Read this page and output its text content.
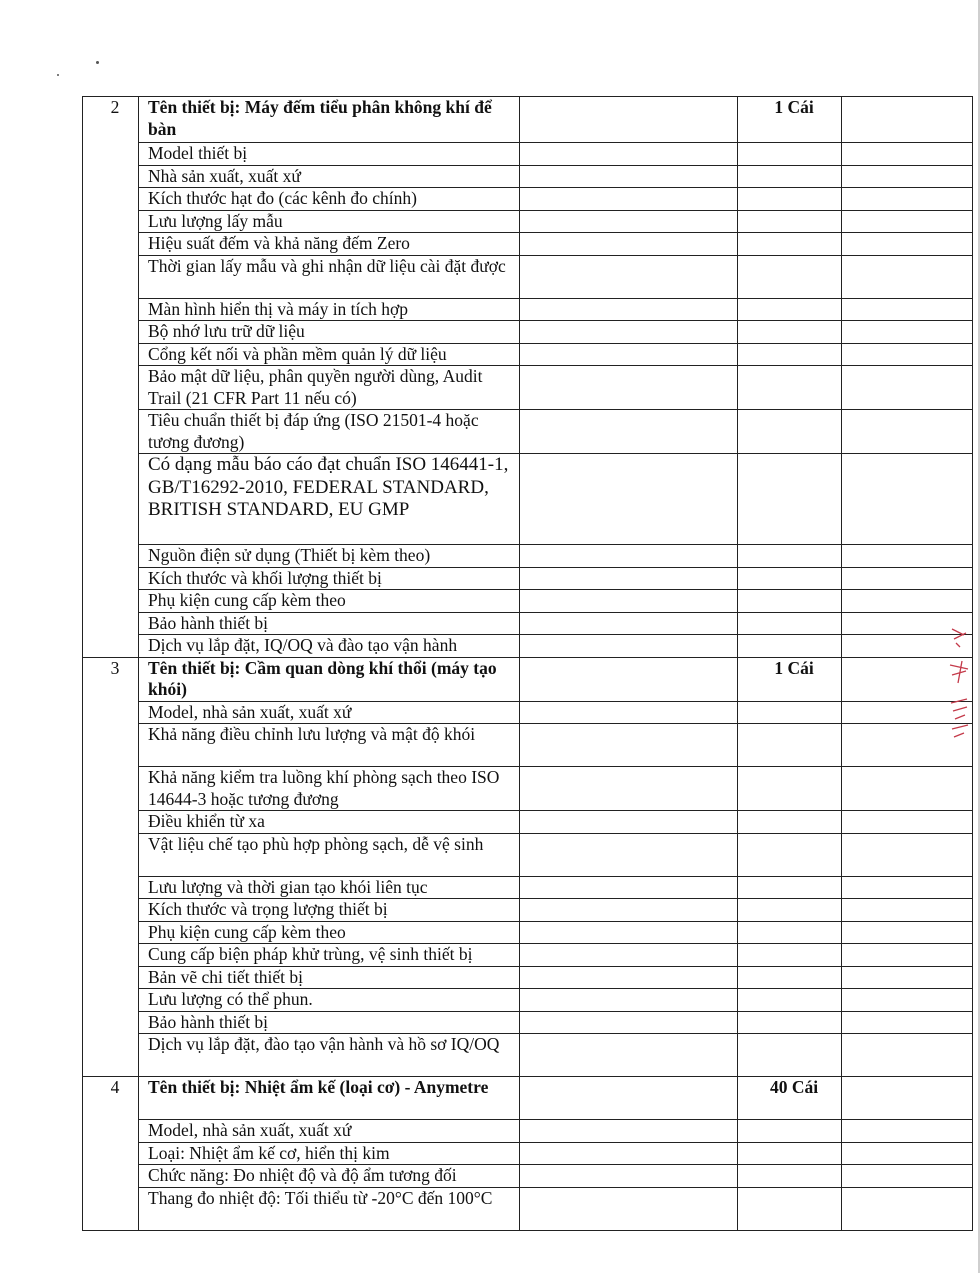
2	Tên thiết bị: Máy đếm tiểu phân không khí để bàn		1 Cái	
	Model thiết bị			
	Nhà sản xuất, xuất xứ			
	Kích thước hạt đo (các kênh đo chính)			
	Lưu lượng lấy mẫu			
	Hiệu suất đếm và khả năng đếm Zero			
	Thời gian lấy mẫu và ghi nhận dữ liệu cài đặt được			
	Màn hình hiển thị và máy in tích hợp			
	Bộ nhớ lưu trữ dữ liệu			
	Cổng kết nối và phần mềm quản lý dữ liệu			
	Bảo mật dữ liệu, phân quyền người dùng, Audit Trail (21 CFR Part 11 nếu có)			
	Tiêu chuẩn thiết bị đáp ứng (ISO 21501-4 hoặc tương đương)			
	Có dạng mẫu báo cáo đạt chuẩn ISO 146441-1, GB/T16292-2010, FEDERAL STANDARD, BRITISH STANDARD, EU GMP			
	Nguồn điện sử dụng (Thiết bị kèm theo)			
	Kích thước và khối lượng thiết bị			
	Phụ kiện cung cấp kèm theo			
	Bảo hành thiết bị			
	Dịch vụ lắp đặt, IQ/OQ và đào tạo vận hành			
3	Tên thiết bị: Cầm quan dòng khí thổi (máy tạo khói)		1 Cái	
	Model, nhà sản xuất, xuất xứ			
	Khả năng điều chỉnh lưu lượng và mật độ khói			
	Khả năng kiểm tra luồng khí phòng sạch theo ISO 14644-3 hoặc tương đương			
	Điều khiển từ xa			
	Vật liệu chế tạo phù hợp phòng sạch, dễ vệ sinh			
	Lưu lượng và thời gian tạo khói liên tục			
	Kích thước và trọng lượng thiết bị			
	Phụ kiện cung cấp kèm theo			
	Cung cấp biện pháp khử trùng, vệ sinh thiết bị			
	Bản vẽ chi tiết thiết bị			
	Lưu lượng có thể phun.			
	Bảo hành thiết bị			
	Dịch vụ lắp đặt, đào tạo vận hành và hồ sơ IQ/OQ			
4	Tên thiết bị: Nhiệt ẩm kế (loại cơ) - Anymetre		40 Cái	
	Model, nhà sản xuất, xuất xứ			
	Loại: Nhiệt ẩm kế cơ, hiển thị kim			
	Chức năng: Đo nhiệt độ và độ ẩm tương đối			
	Thang đo nhiệt độ: Tối thiểu từ -20°C đến 100°C			
